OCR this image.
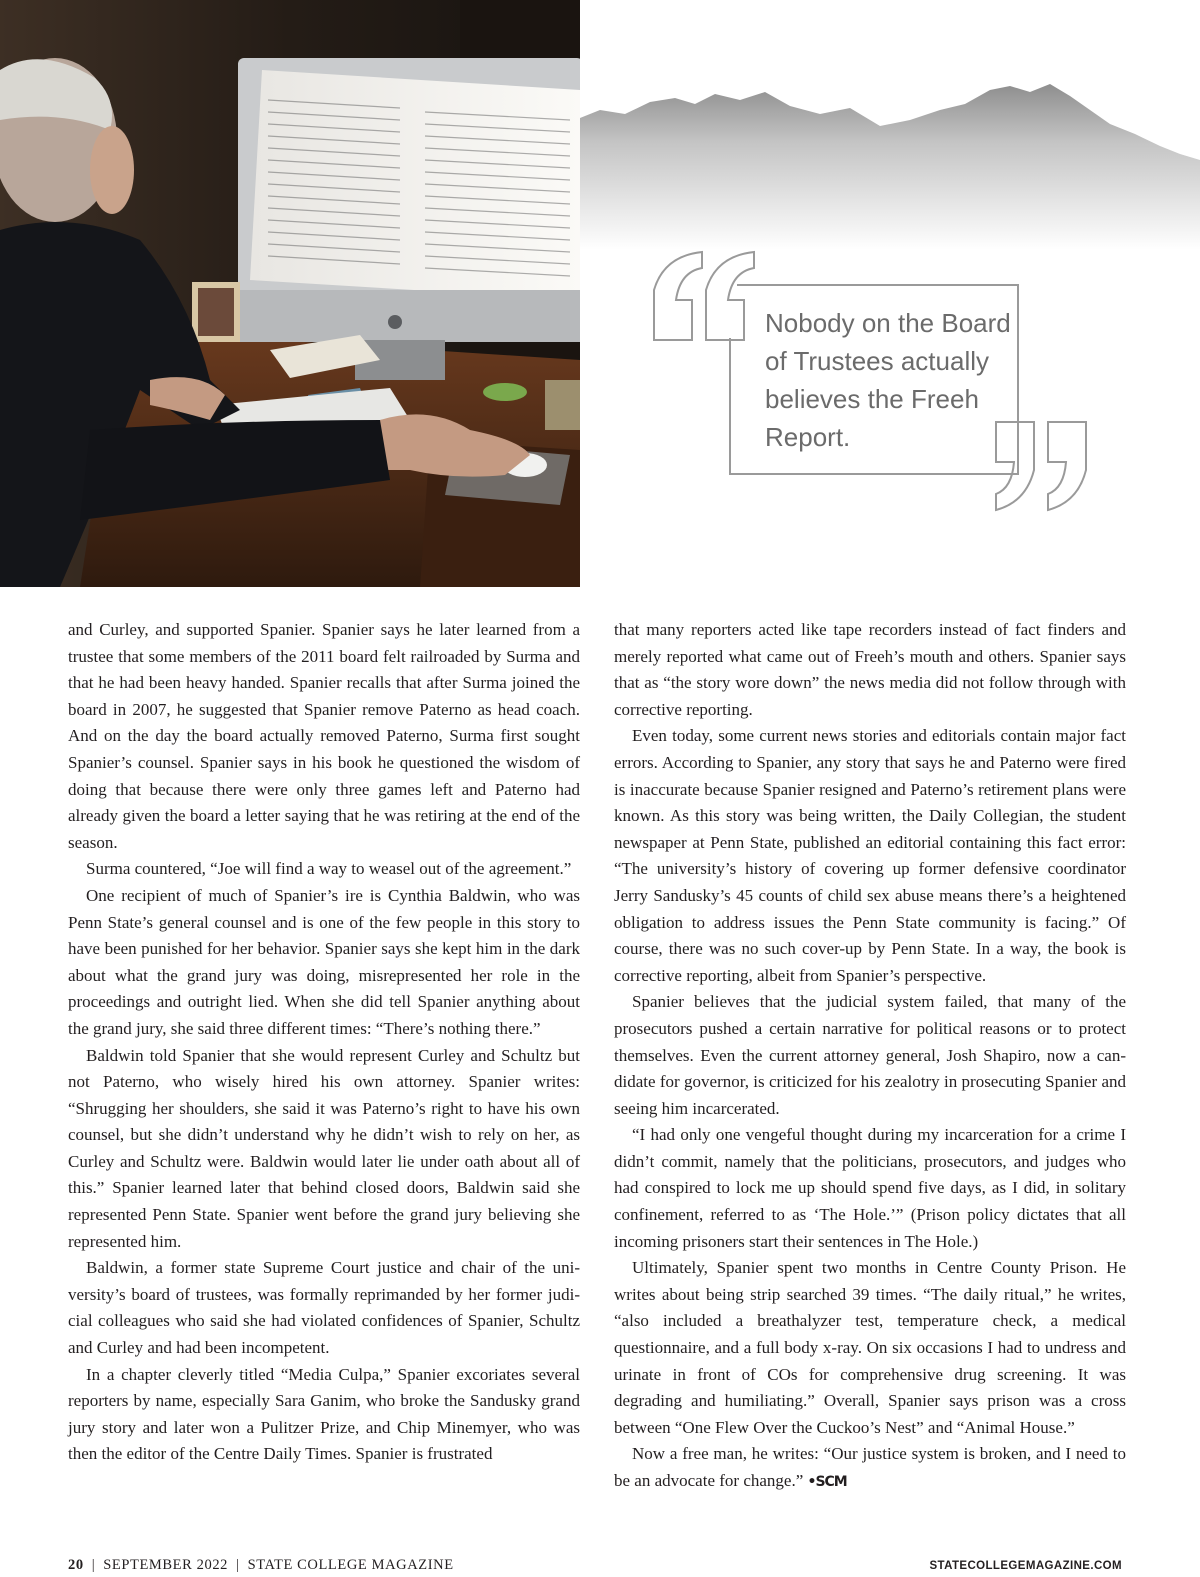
Nobody on the Board of Trustees actually believes the Freeh Report.

and Curley, and supported Spanier. Spanier says he later learned from a trustee that some members of the 2011 board felt railroaded by Surma and that he had been heavy handed. Spanier recalls that after Surma joined the board in 2007, he suggested that Spanier remove Paterno as head coach. And on the day the board actually removed Paterno, Surma first sought Spanier’s counsel. Spanier says in his book he questioned the wisdom of doing that because there were only three games left and Paterno had already given the board a letter saying that he was retiring at the end of the season.

Surma countered, “Joe will find a way to weasel out of the agreement.”

One recipient of much of Spanier’s ire is Cynthia Baldwin, who was Penn State’s general counsel and is one of the few people in this story to have been punished for her behavior. Spanier says she kept him in the dark about what the grand jury was doing, misrepresented her role in the proceedings and outright lied. When she did tell Spanier anything about the grand jury, she said three different times: “There’s nothing there.”

Baldwin told Spanier that she would represent Curley and Schultz but not Paterno, who wisely hired his own attorney. Spanier writes: “Shrugging her shoulders, she said it was Paterno’s right to have his own counsel, but she didn’t understand why he didn’t wish to rely on her, as Curley and Schultz were. Baldwin would later lie under oath about all of this.” Spanier learned later that behind closed doors, Baldwin said she represented Penn State. Spanier went before the grand jury believing she represented him.

Baldwin, a former state Supreme Court justice and chair of the university’s board of trustees, was formally reprimanded by her former judicial colleagues who said she had violated confidences of Spanier, Schultz and Curley and had been incompetent.

In a chapter cleverly titled “Media Culpa,” Spanier excoriates several reporters by name, especially Sara Ganim, who broke the Sandusky grand jury story and later won a Pulitzer Prize, and Chip Minemyer, who was then the editor of the Centre Daily Times. Spanier is frustrated

that many reporters acted like tape recorders instead of fact finders and merely reported what came out of Freeh’s mouth and others. Spanier says that as “the story wore down” the news media did not follow through with corrective reporting.

Even today, some current news stories and editorials contain major fact errors. According to Spanier, any story that says he and Paterno were fired is inaccurate because Spanier resigned and Paterno’s retirement plans were known. As this story was being written, the Daily Collegian, the student newspaper at Penn State, published an editorial containing this fact error: “The university’s history of covering up former defensive coordinator Jerry Sandusky’s 45 counts of child sex abuse means there’s a heightened obligation to address issues the Penn State community is facing.” Of course, there was no such cover-up by Penn State. In a way, the book is corrective reporting, albeit from Spanier’s perspective.

Spanier believes that the judicial system failed, that many of the prosecutors pushed a certain narrative for political reasons or to protect themselves. Even the current attorney general, Josh Shapiro, now a candidate for governor, is criticized for his zealotry in prosecuting Spanier and seeing him incarcerated.

“I had only one vengeful thought during my incarceration for a crime I didn’t commit, namely that the politicians, prosecutors, and judges who had conspired to lock me up should spend five days, as I did, in solitary confinement, referred to as ‘The Hole.’” (Prison policy dictates that all incoming prisoners start their sentences in The Hole.)

Ultimately, Spanier spent two months in Centre County Prison. He writes about being strip searched 39 times. “The daily ritual,” he writes, “also included a breathalyzer test, temperature check, a medical questionnaire, and a full body x-ray. On six occasions I had to undress and urinate in front of COs for comprehensive drug screening. It was degrading and humiliating.” Overall, Spanier says prison was a cross between “One Flew Over the Cuckoo’s Nest” and “Animal House.”

Now a free man, he writes: “Our justice system is broken, and I need to be an advocate for change.” •SCM

20 | SEPTEMBER 2022 | STATE COLLEGE MAGAZINE	STATECOLLEGEMAGAZINE.COM
